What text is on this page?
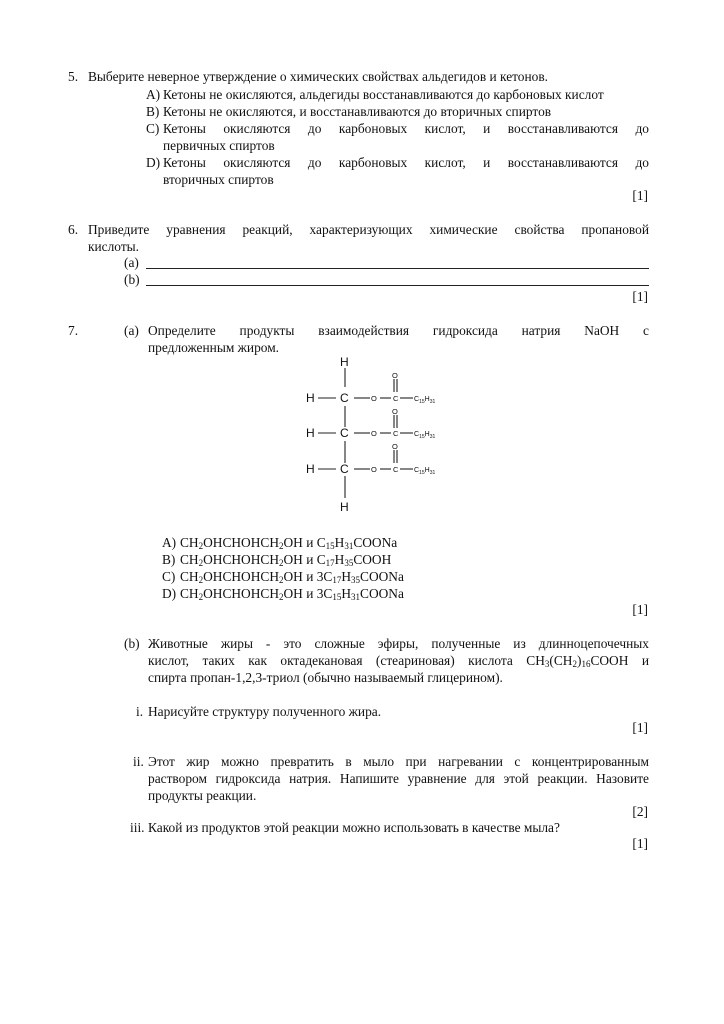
5. Выберите неверное утверждение о химических свойствах альдегидов и кетонов.
A) Кетоны не окисляются, альдегиды восстанавливаются до карбоновых кислот
B) Кетоны не окисляются, и восстанавливаются до вторичных спиртов
C) Кетоны окисляются до карбоновых кислот, и восстанавливаются до
первичных спиртов
D) Кетоны окисляются до карбоновых кислот, и восстанавливаются до
вторичных спиртов
[1]
6. Приведите уравнения реакций, характеризующих химические свойства пропановой
кислоты.
(a)
(b)
[1]
7.	(a) Определите продукты взаимодействия гидроксида натрия NaOH с
предложенным жиром.
H
H
H
H
H
C
C
C
O
O
O
C
C
C
O
O
O
$C_{15}H_{31}$
$C_{15}H_{31}$
$C_{15}H_{31}$
A) $CH_2OHCHOHCH_2OH$ и $C_{15}H_{31}COONa$
B) $CH_2OHCHOHCH_2OH$ и $C_{17}H_{35}COOH$
C) $CH_2OHCHOHCH_2OH$ и $3C_{17}H_{35}COONa$
D) $CH_2OHCHOHCH_2OH$ и $3C_{15}H_{31}COONa$
[1]
(b) Животные жиры - это сложные эфиры, полученные из длинноцепочечных
кислот, таких как октадекановая (стеариновая) кислота $CH_3(CH_2)_{16}COOH$ и
спирта пропан-1,2,3-триол (обычно называемый глицерином).
i. Нарисуйте структуру полученного жира.
[1]
ii. Этот жир можно превратить в мыло при нагревании с концентрированным
раствором гидроксида натрия. Напишите уравнение для этой реакции. Назовите
продукты реакции.
[2]
iii. Какой из продуктов этой реакции можно использовать в качестве мыла?
[1]
